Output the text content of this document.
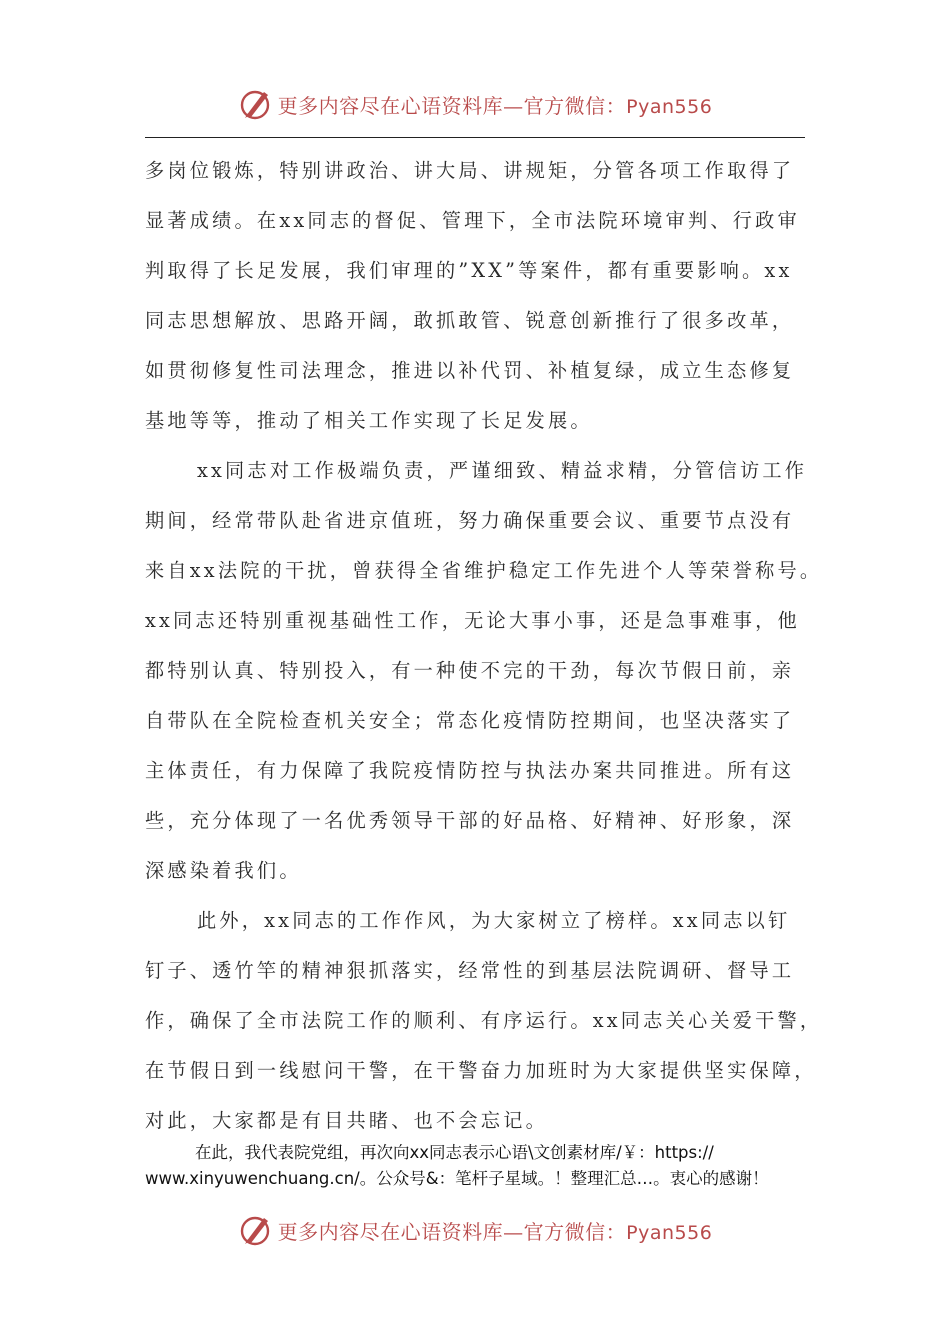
更多内容尽在心语资料库—官方微信：Pyan556
多岗位锻炼，特别讲政治、讲大局、讲规矩，分管各项工作取得了
显著成绩。在xx同志的督促、管理下，全市法院环境审判、行政审
判取得了长足发展，我们审理的”XX”等案件，都有重要影响。xx
同志思想解放、思路开阔，敢抓敢管、锐意创新推行了很多改革，
如贯彻修复性司法理念，推进以补代罚、补植复绿，成立生态修复
基地等等，推动了相关工作实现了长足发展。
xx同志对工作极端负责，严谨细致、精益求精，分管信访工作
期间，经常带队赴省进京值班，努力确保重要会议、重要节点没有
来自xx法院的干扰，曾获得全省维护稳定工作先进个人等荣誉称号。
xx同志还特别重视基础性工作，无论大事小事，还是急事难事，他
都特别认真、特别投入，有一种使不完的干劲，每次节假日前，亲
自带队在全院检查机关安全；常态化疫情防控期间，也坚决落实了
主体责任，有力保障了我院疫情防控与执法办案共同推进。所有这
些，充分体现了一名优秀领导干部的好品格、好精神、好形象，深
深感染着我们。
此外，xx同志的工作作风，为大家树立了榜样。xx同志以钉
钉子、透竹竿的精神狠抓落实，经常性的到基层法院调研、督导工
作，确保了全市法院工作的顺利、有序运行。xx同志关心关爱干警，
在节假日到一线慰问干警，在干警奋力加班时为大家提供坚实保障，
对此，大家都是有目共睹、也不会忘记。
在此，我代表院党组，再次向xx同志表示心语\文创素材库/￥：https://
www.xinyuwenchuang.cn/。公众号&：笔杆子星域。！整理汇总…。衷心的感谢！
更多内容尽在心语资料库—官方微信：Pyan556
